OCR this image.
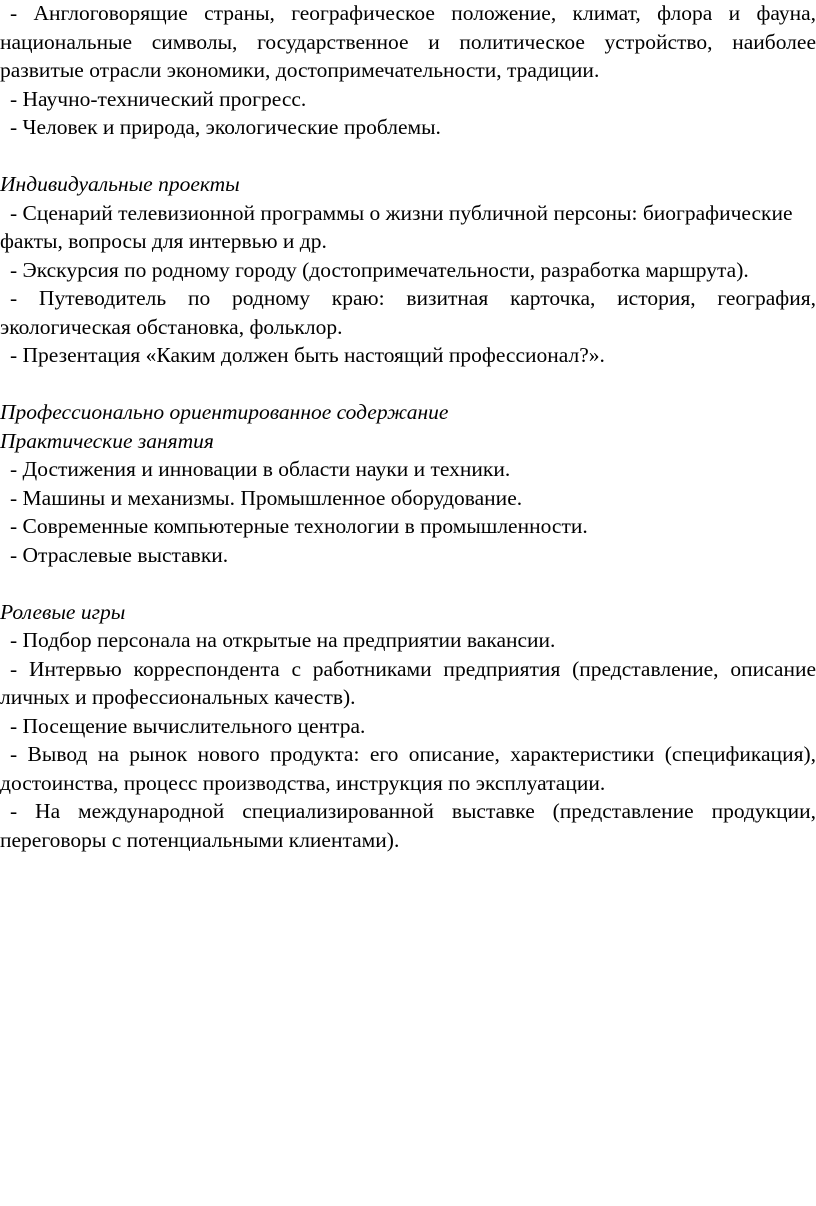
- Англоговорящие страны, географическое положение, климат, флора и фауна, национальные символы, государственное и политическое устройство, наиболее развитые отрасли экономики, достопримечательности, традиции.

- Научно-технический прогресс.

- Человек и природа, экологические проблемы.

Индивидуальные проекты

- Сценарий телевизионной программы о жизни публичной персоны: биографические

факты, вопросы для интервью и др.

- Экскурсия по родному городу (достопримечательности, разработка маршрута).

- Путеводитель по родному краю: визитная карточка, история, география, экологическая обстановка, фольклор.

- Презентация «Каким должен быть настоящий профессионал?».

Профессионально ориентированное содержание

Практические занятия

- Достижения и инновации в области науки и техники.

- Машины и механизмы. Промышленное оборудование.

- Современные компьютерные технологии в промышленности.

- Отраслевые выставки.

Ролевые игры

- Подбор персонала на открытые на предприятии вакансии.

- Интервью корреспондента с работниками предприятия (представление, описание личных и профессиональных качеств).

- Посещение вычислительного центра.

- Вывод на рынок нового продукта: его описание, характеристики (спецификация), достоинства, процесс производства, инструкция по эксплуатации.

- На международной специализированной выставке (представление продукции, переговоры с потенциальными клиентами).
